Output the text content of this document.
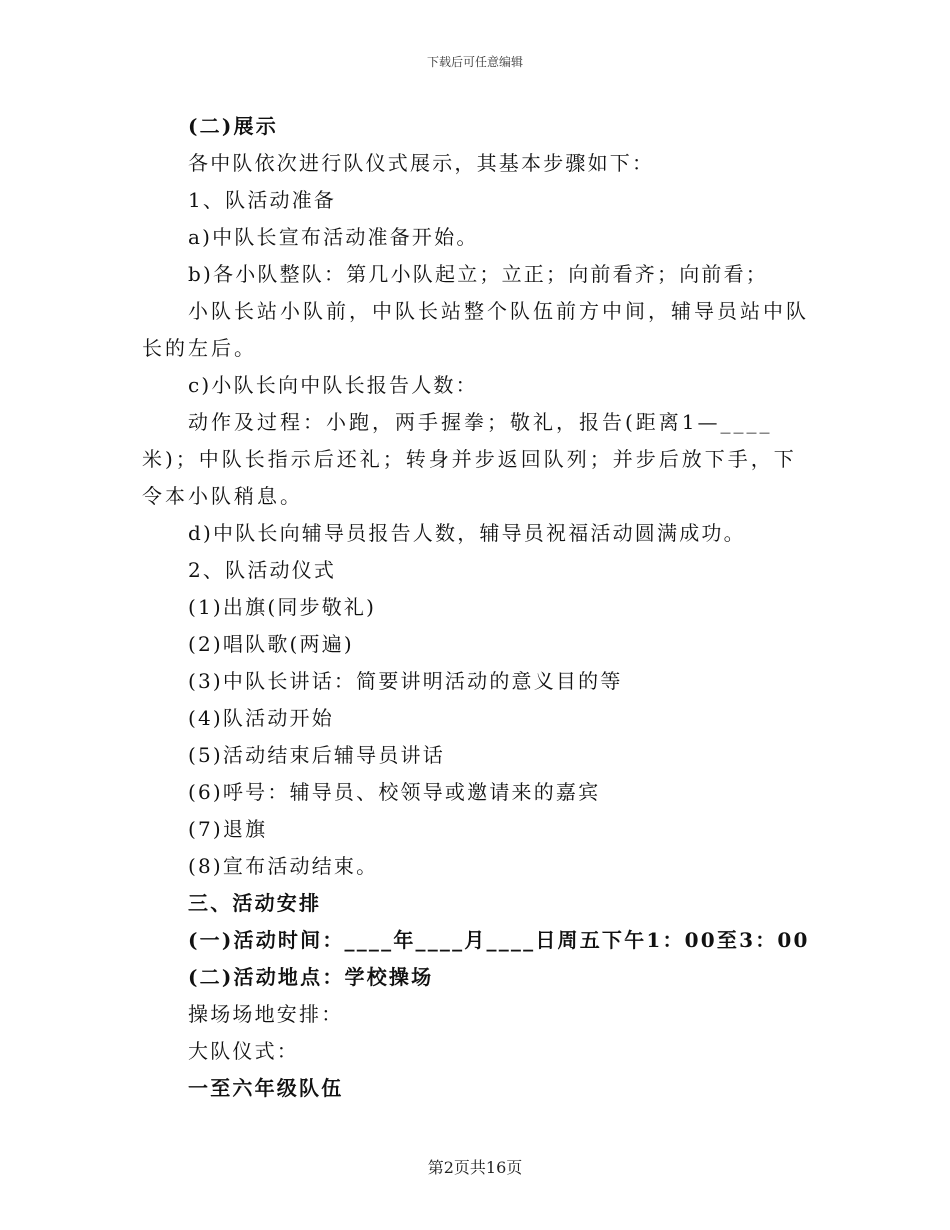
下载后可任意编辑
(二)展示
各中队依次进行队仪式展示，其基本步骤如下：
1、队活动准备
a)中队长宣布活动准备开始。
b)各小队整队：第几小队起立；立正；向前看齐；向前看；
小队长站小队前，中队长站整个队伍前方中间，辅导员站中队长的左后。
c)小队长向中队长报告人数：
动作及过程：小跑，两手握拳；敬礼，报告(距离1—____米)；中队长指示后还礼；转身并步返回队列；并步后放下手，下令本小队稍息。
d)中队长向辅导员报告人数，辅导员祝福活动圆满成功。
2、队活动仪式
(1)出旗(同步敬礼)
(2)唱队歌(两遍)
(3)中队长讲话：简要讲明活动的意义目的等
(4)队活动开始
(5)活动结束后辅导员讲话
(6)呼号：辅导员、校领导或邀请来的嘉宾
(7)退旗
(8)宣布活动结束。
三、活动安排
(一)活动时间：____年____月____日周五下午1：00至3：00
(二)活动地点：学校操场
操场场地安排：
大队仪式：
一至六年级队伍
第2页共16页
